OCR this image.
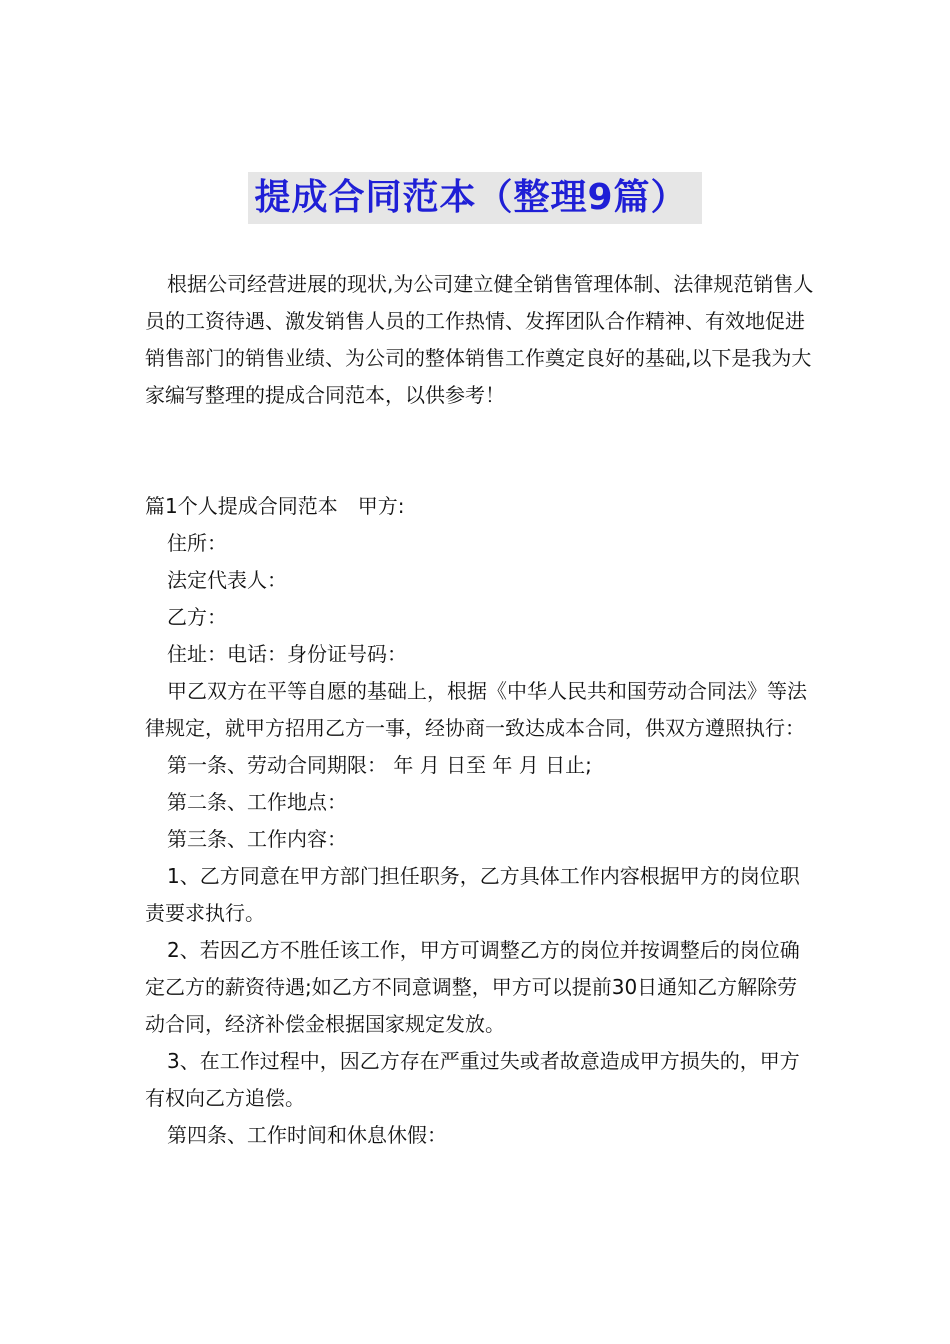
提成合同范本（整理9篇）

根据公司经营进展的现状,为公司建立健全销售管理体制、法律规范销售人员的工资待遇、激发销售人员的工作热情、发挥团队合作精神、有效地促进销售部门的销售业绩、为公司的整体销售工作奠定良好的基础,以下是我为大家编写整理的提成合同范本，以供参考！

篇1个人提成合同范本　甲方:

住所：

法定代表人：

乙方：

住址：电话：身份证号码：

甲乙双方在平等自愿的基础上，根据《中华人民共和国劳动合同法》等法律规定，就甲方招用乙方一事，经协商一致达成本合同，供双方遵照执行：

第一条、劳动合同期限： 年 月 日至 年 月 日止;

第二条、工作地点：

第三条、工作内容：

1、乙方同意在甲方部门担任职务，乙方具体工作内容根据甲方的岗位职责要求执行。

2、若因乙方不胜任该工作，甲方可调整乙方的岗位并按调整后的岗位确定乙方的薪资待遇;如乙方不同意调整，甲方可以提前30日通知乙方解除劳动合同，经济补偿金根据国家规定发放。

3、在工作过程中，因乙方存在严重过失或者故意造成甲方损失的，甲方有权向乙方追偿。

第四条、工作时间和休息休假：
